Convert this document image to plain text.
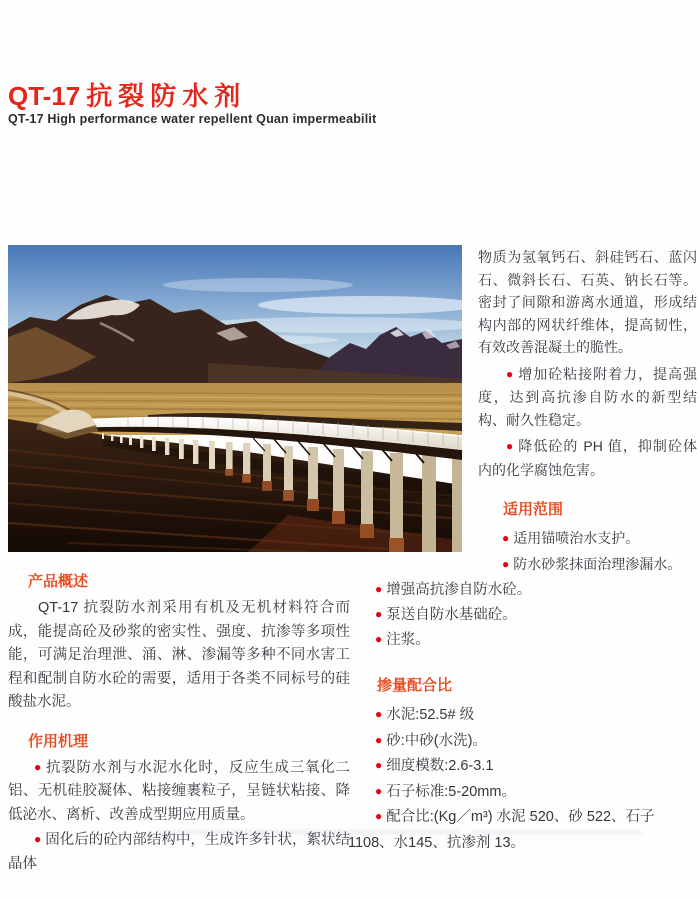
QT-17 抗裂防水剂
QT-17 High performance water repellent Quan impermeabilit
物质为氢氧钙石、斜硅钙石、蓝闪石、微斜长石、石英、钠长石等。密封了间隙和游离水通道，形成结构内部的网状纤维体，提高韧性，有效改善混凝土的脆性。
● 增加砼粘接附着力，提高强度，达到高抗渗自防水的新型结构、耐久性稳定。
● 降低砼的 PH 值，抑制砼体内的化学腐蚀危害。
适用范围
● 适用锚喷治水支护。
● 防水砂浆抹面治理渗漏水。
产品概述
QT-17 抗裂防水剂采用有机及无机材料符合而成，能提高砼及砂浆的密实性、强度、抗渗等多项性能，可满足治理泄、涌、淋、渗漏等多种不同水害工程和配制自防水砼的需要，适用于各类不同标号的硅酸盐水泥。
作用机理
● 抗裂防水剂与水泥水化时，反应生成三氧化二铝、无机硅胶凝体、粘接缠裹粒子，呈链状粘接、降低泌水、离析、改善成型期应用质量。
● 固化后的砼内部结构中，生成许多针状，絮状结晶体
● 增强高抗渗自防水砼。
● 泵送自防水基础砼。
● 注浆。
掺量配合比
● 水泥:52.5# 级
● 砂:中砂(水洗)。
● 细度模数:2.6-3.1
● 石子标准:5-20mm。
● 配合比:(Kg／m³) 水泥 520、砂 522、石子 1108、水145、抗渗剂 13。
